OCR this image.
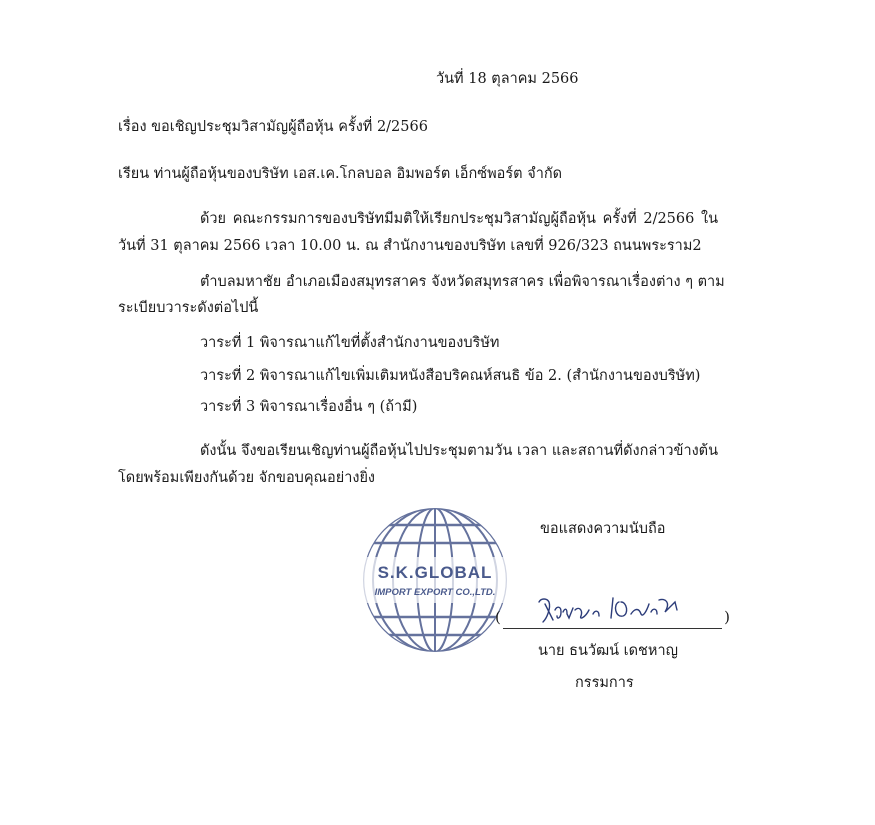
วันที่ 18 ตุลาคม 2566
เรื่อง ขอเชิญประชุมวิสามัญผู้ถือหุ้น ครั้งที่ 2/2566
เรียน ท่านผู้ถือหุ้นของบริษัท เอส.เค.โกลบอล อิมพอร์ต เอ็กซ์พอร์ต จำกัด
ด้วย คณะกรรมการของบริษัทมีมติให้เรียกประชุมวิสามัญผู้ถือหุ้น ครั้งที่ 2/2566 ใน
วันที่ 31 ตุลาคม 2566 เวลา 10.00 น. ณ สำนักงานของบริษัท เลขที่ 926/323 ถนนพระราม2
ตำบลมหาชัย อำเภอเมืองสมุทรสาคร จังหวัดสมุทรสาคร เพื่อพิจารณาเรื่องต่าง ๆ ตาม
ระเบียบวาระดังต่อไปนี้
วาระที่ 1 พิจารณาแก้ไขที่ตั้งสำนักงานของบริษัท
วาระที่ 2 พิจารณาแก้ไขเพิ่มเติมหนังสือบริคณห์สนธิ ข้อ 2. (สำนักงานของบริษัท)
วาระที่ 3 พิจารณาเรื่องอื่น ๆ (ถ้ามี)
ดังนั้น จึงขอเรียนเชิญท่านผู้ถือหุ้นไปประชุมตามวัน เวลา และสถานที่ดังกล่าวข้างต้น
โดยพร้อมเพียงกันด้วย จักขอบคุณอย่างยิ่ง
ขอแสดงความนับถือ
S.K.GLOBAL
IMPORT EXPORT CO.,LTD.
(	)
นาย ธนวัฒน์ เดชหาญ
กรรมการ
